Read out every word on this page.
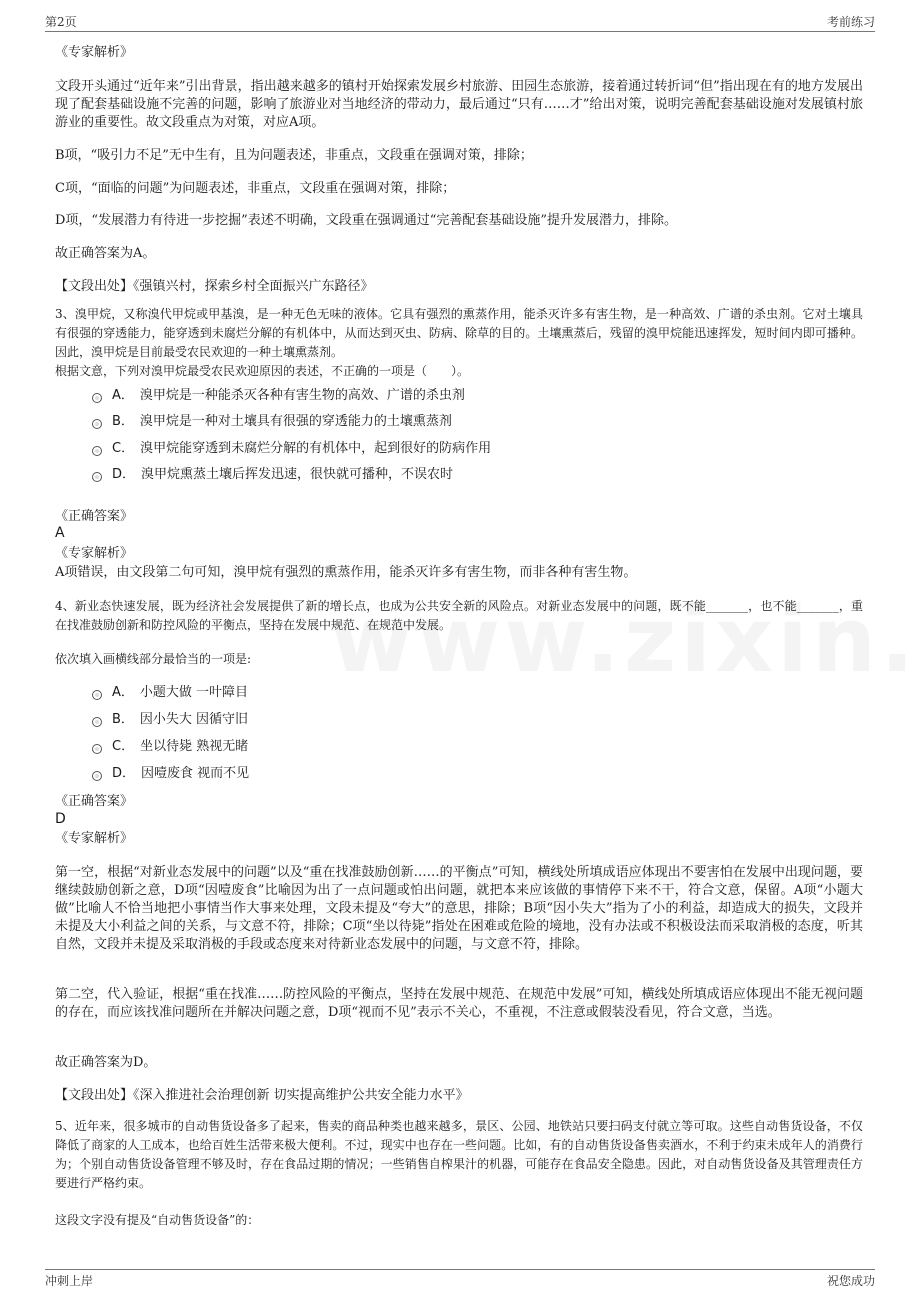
第2页	考前练习
《专家解析》
文段开头通过“近年来”引出背景，指出越来越多的镇村开始探索发展乡村旅游、田园生态旅游，接着通过转折词“但”指出现在有的地方发展出现了配套基础设施不完善的问题，影响了旅游业对当地经济的带动力，最后通过“只有……才”给出对策，说明完善配套基础设施对发展镇村旅游业的重要性。故文段重点为对策，对应A项。
B项，“吸引力不足”无中生有，且为问题表述，非重点，文段重在强调对策，排除；
C项，“面临的问题”为问题表述，非重点，文段重在强调对策，排除；
D项，“发展潜力有待进一步挖掘”表述不明确，文段重在强调通过“完善配套基础设施”提升发展潜力，排除。
故正确答案为A。
【文段出处】《强镇兴村，探索乡村全面振兴广东路径》
3、溴甲烷，又称溴代甲烷或甲基溴，是一种无色无味的液体。它具有强烈的熏蒸作用，能杀灭许多有害生物，是一种高效、广谱的杀虫剂。它对土壤具有很强的穿透能力，能穿透到未腐烂分解的有机体中，从而达到灭虫、防病、除草的目的。土壤熏蒸后，残留的溴甲烷能迅速挥发，短时间内即可播种。因此，溴甲烷是目前最受农民欢迎的一种土壤熏蒸剂。
根据文意，下列对溴甲烷最受农民欢迎原因的表述，不正确的一项是（　　）。
A． 溴甲烷是一种能杀灭各种有害生物的高效、广谱的杀虫剂
B． 溴甲烷是一种对土壤具有很强的穿透能力的土壤熏蒸剂
C． 溴甲烷能穿透到未腐烂分解的有机体中，起到很好的防病作用
D． 溴甲烷熏蒸土壤后挥发迅速，很快就可播种，不误农时
《正确答案》
A
《专家解析》
A项错误，由文段第二句可知，溴甲烷有强烈的熏蒸作用，能杀灭许多有害生物，而非各种有害生物。
4、新业态快速发展，既为经济社会发展提供了新的增长点，也成为公共安全新的风险点。对新业态发展中的问题，既不能_______，也不能_______，重在找准鼓励创新和防控风险的平衡点，坚持在发展中规范、在规范中发展。
依次填入画横线部分最恰当的一项是:
A． 小题大做 一叶障目
B． 因小失大 因循守旧
C． 坐以待毙 熟视无睹
D． 因噎废食 视而不见
《正确答案》
D
《专家解析》
第一空，根据“对新业态发展中的问题”以及“重在找准鼓励创新……的平衡点”可知，横线处所填成语应体现出不要害怕在发展中出现问题，要继续鼓励创新之意，D项“因噎废食”比喻因为出了一点问题或怕出问题，就把本来应该做的事情停下来不干，符合文意，保留。A项“小题大做”比喻人不恰当地把小事情当作大事来处理，文段未提及“夸大”的意思，排除；B项“因小失大”指为了小的利益，却造成大的损失，文段并未提及大小利益之间的关系，与文意不符，排除；C项“坐以待毙”指处在困难或危险的境地，没有办法或不积极设法而采取消极的态度，听其自然，文段并未提及采取消极的手段或态度来对待新业态发展中的问题，与文意不符，排除。
第二空，代入验证，根据“重在找准……防控风险的平衡点，坚持在发展中规范、在规范中发展”可知，横线处所填成语应体现出不能无视问题的存在，而应该找准问题所在并解决问题之意，D项“视而不见”表示不关心，不重视，不注意或假装没看见，符合文意，当选。
故正确答案为D。
【文段出处】《深入推进社会治理创新 切实提高维护公共安全能力水平》
5、近年来，很多城市的自动售货设备多了起来，售卖的商品种类也越来越多，景区、公园、地铁站只要扫码支付就立等可取。这些自动售货设备，不仅降低了商家的人工成本，也给百姓生活带来极大便利。不过，现实中也存在一些问题。比如，有的自动售货设备售卖酒水，不利于约束未成年人的消费行为；个别自动售货设备管理不够及时，存在食品过期的情况；一些销售自榨果汁的机器，可能存在食品安全隐患。因此，对自动售货设备及其管理责任方要进行严格约束。
这段文字没有提及“自动售货设备”的：
冲刺上岸	祝您成功
